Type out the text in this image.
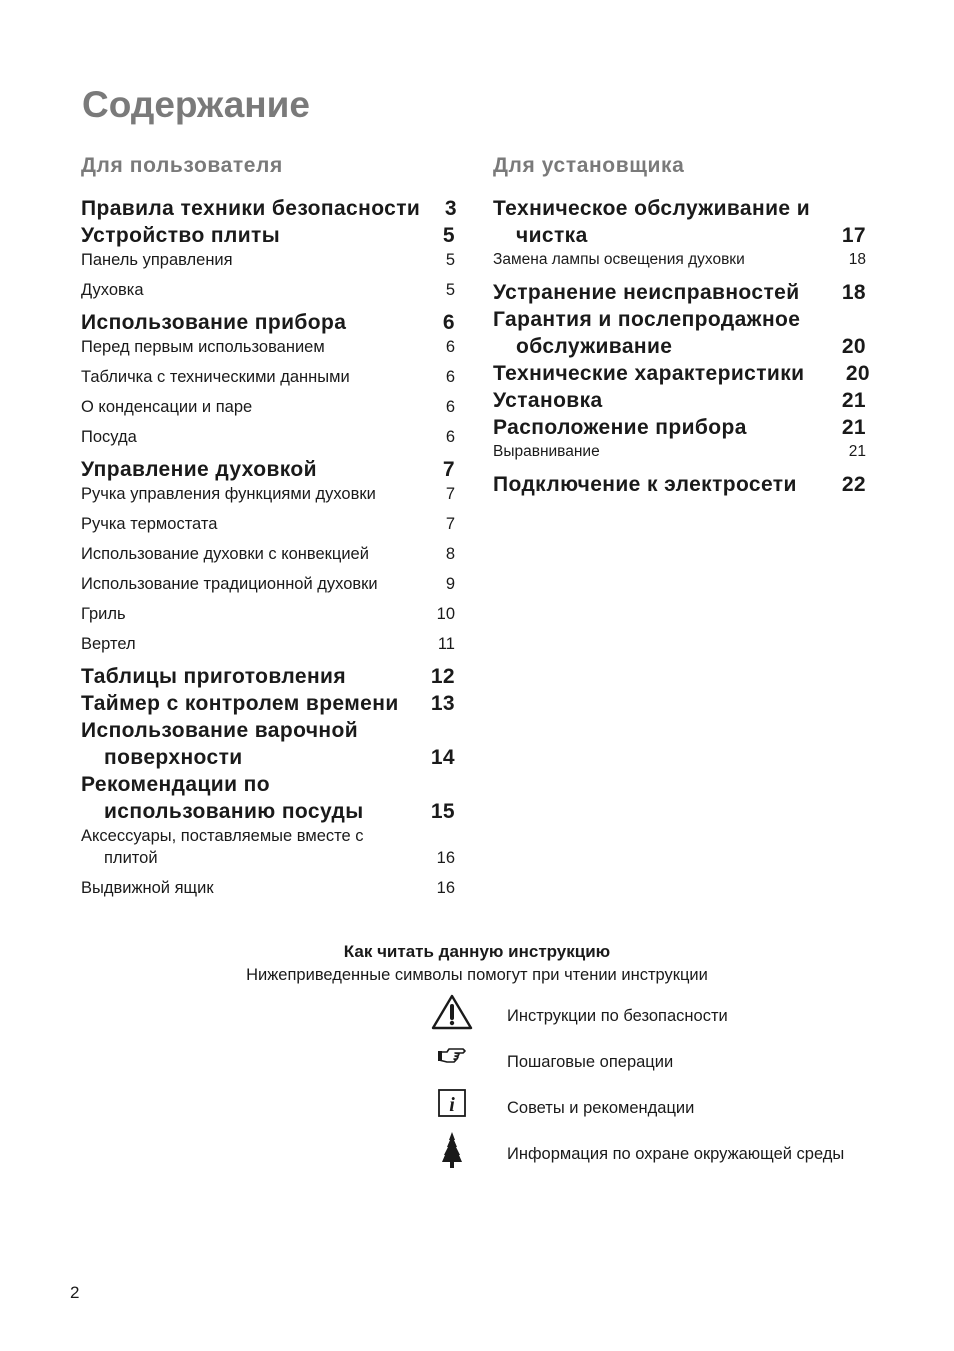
Содержание
Для пользователя
Правила техники безопасности	3
Устройство плиты	5
Панель управления	5
Духовка	5
Использование прибора	6
Перед первым использованием	6
Табличка с техническими данными	6
О конденсации и паре	6
Посуда	6
Управление духовкой	7
Ручка управления функциями духовки	7
Ручка термостата	7
Использование духовки с конвекцией	8
Использование традиционной духовки	9
Гриль	10
Вертел	11
Таблицы приготовления	12
Таймер с контролем времени	13
Использование варочной
поверхности	14
Рекомендации по
использованию посуды	15
Аксессуары, поставляемые вместе с
плитой	16
Выдвижной ящик	16
Для установщика
Техническое обслуживание и
чистка	17
Замена лампы освещения духовки	18
Устранение неисправностей	18
Гарантия и послепродажное
обслуживание	20
Технические характеристики	20
Установка	21
Расположение прибора	21
Выравнивание	21
Подключение к электросети	22
Как читать данную инструкцию
Нижеприведенные символы помогут при чтении инструкции
Инструкции по безопасности
Пошаговые операции
i	Советы и рекомендации
Информация по охране окружающей среды
2
